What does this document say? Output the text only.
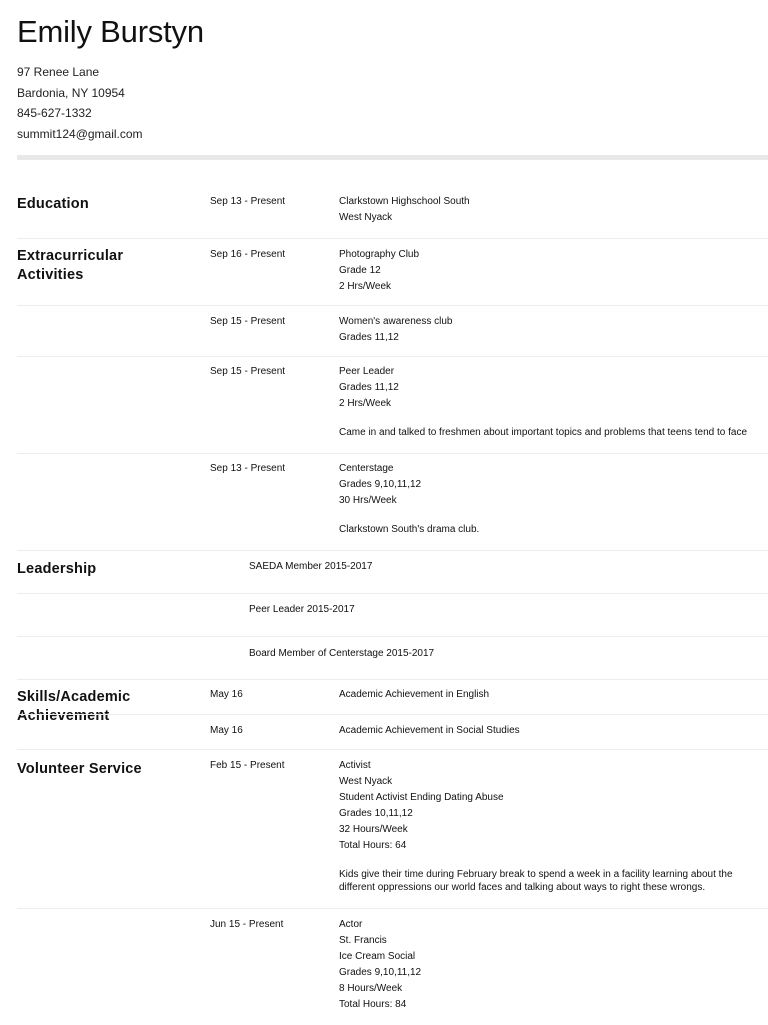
Emily Burstyn
97 Renee Lane
Bardonia, NY 10954
845-627-1332
summit124@gmail.com
Education	Sep 13 - Present	Clarkstown Highschool South
West Nyack
Extracurricular
Activities
Sep 16 - Present	Photography Club
Grade 12
2 Hrs/Week
Sep 15 - Present	Women's awareness club
Grades 11,12
Sep 15 - Present	Peer Leader
Grades 11,12
2 Hrs/Week
Came in and talked to freshmen about important topics and problems that teens tend to face
Sep 13 - Present	Centerstage
Grades 9,10,11,12
30 Hrs/Week
Clarkstown South's drama club.
Leadership	SAEDA Member 2015-2017
Peer Leader 2015-2017
Board Member of Centerstage 2015-2017
Skills/Academic
Achievement
May 16	Academic Achievement in English
May 16	Academic Achievement in Social Studies
Volunteer Service	Feb 15 - Present	Activist
West Nyack
Student Activist Ending Dating Abuse
Grades 10,11,12
32 Hours/Week
Total Hours: 64
Kids give their time during February break to spend a week in a facility learning about the different oppressions our world faces and talking about ways to right these wrongs.
Jun 15 - Present	Actor
St. Francis
Ice Cream Social
Grades 9,10,11,12
8 Hours/Week
Total Hours: 84
